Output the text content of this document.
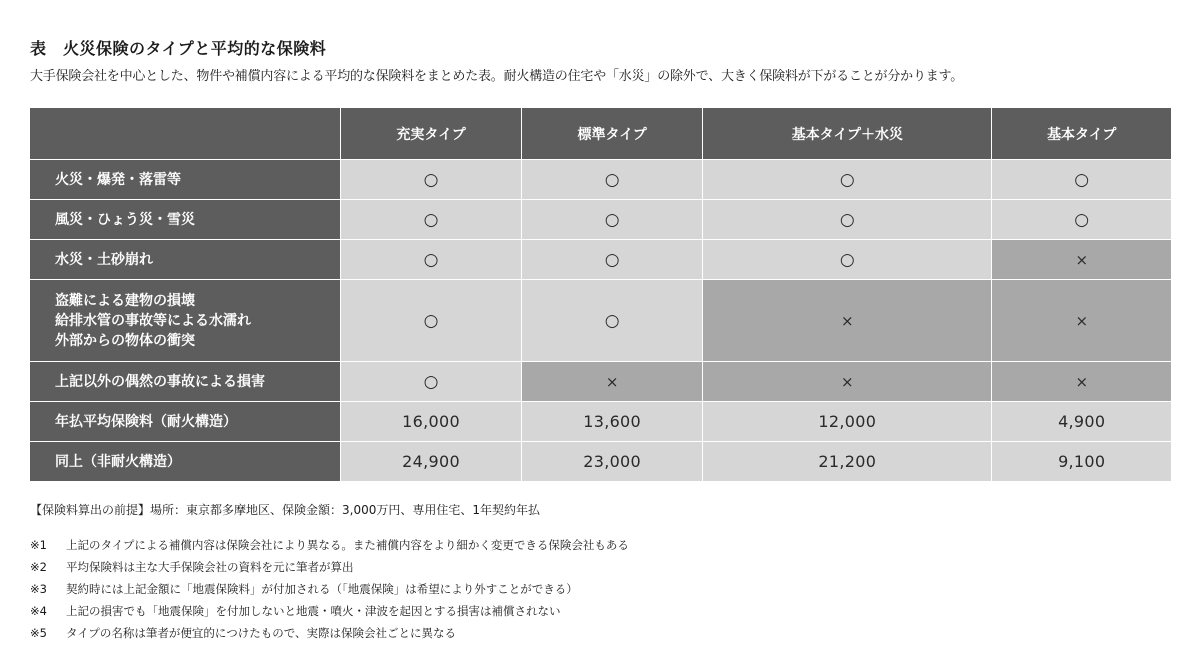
表　火災保険のタイプと平均的な保険料
大手保険会社を中心とした、物件や補償内容による平均的な保険料をまとめた表。耐火構造の住宅や「水災」の除外で、大きく保険料が下がることが分かります。
	充実タイプ	標準タイプ	基本タイプ＋水災	基本タイプ
火災・爆発・落雷等	○	○	○	○
風災・ひょう災・雪災	○	○	○	○
水災・土砂崩れ	○	○	○	×
盗難による建物の損壊
給排水管の事故等による水濡れ
外部からの物体の衝突	○	○	×	×
上記以外の偶然の事故による損害	○	×	×	×
年払平均保険料（耐火構造）	16,000	13,600	12,000	4,900
同上（非耐火構造）	24,900	23,000	21,200	9,100
【保険料算出の前提】場所：東京都多摩地区、保険金額：3,000万円、専用住宅、1年契約年払
※1	上記のタイプによる補償内容は保険会社により異なる。また補償内容をより細かく変更できる保険会社もある
※2	平均保険料は主な大手保険会社の資料を元に筆者が算出
※3	契約時には上記金額に「地震保険料」が付加される（「地震保険」は希望により外すことができる）
※4	上記の損害でも「地震保険」を付加しないと地震・噴火・津波を起因とする損害は補償されない
※5	タイプの名称は筆者が便宜的につけたもので、実際は保険会社ごとに異なる
